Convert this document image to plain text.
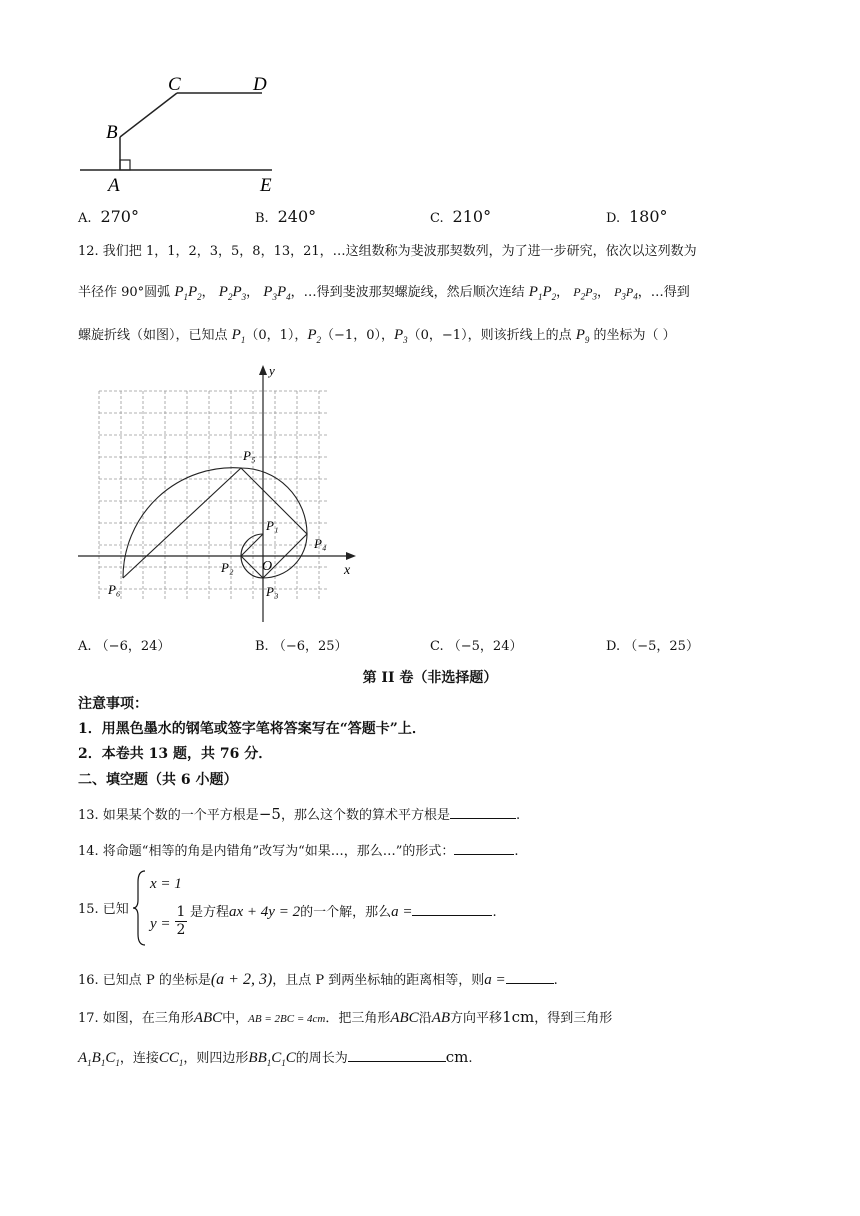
A
B
C	D
E
A. 270°	B. 240°	C. 210°	D. 180°
12. 我们把 1，1，2，3，5，8，13，21，…这组数称为斐波那契数列，为了进一步研究，依次以这列数为
半径作 90°圆弧 $P_1P_2$， $P_2P_3$， $P_3P_4$，…得到斐波那契螺旋线，然后顺次连结 $P_1P_2$， $P_2P_3$， $P_3P_4$，…得到
螺旋折线（如图），已知点 $P_1(0$，1），$P_2(-1$，0），$P_3(0$，−1），则该折线上的点 $P_9$ 的坐标为（ ）
y
x
O
P₁
P₂
P₃
P₄
P₅
P₆
A. （−6，24）	B. （−6，25）	C. （−5，24）	D. （−5，25）
第 II 卷（非选择题）
注意事项：
1．用黑色墨水的钢笔或签字笔将答案写在“答题卡”上．
2．本卷共 13 题，共 76 分．
二、填空题（共 6 小题）
13. 如果某个数的一个平方根是−5，那么这个数的算术平方根是	.
14. 将命题“相等的角是内错角”改写为“如果…，那么…”的形式：	.
15. 已知
x = 1
y =
1
2
是方程ax + 4y = 2的一个解，那么a =	.
16. 已知点 P 的坐标是(a + 2, 3)，且点 P 到两坐标轴的距离相等，则a =	.
17. 如图，在三角形ABC中，AB = 2BC = 4cm．把三角形ABC沿AB方向平移1cm，得到三角形
$A_1B_1C_1$，连接$CC_1$，则四边形$BB_1C_1C$的周长为	cm.
